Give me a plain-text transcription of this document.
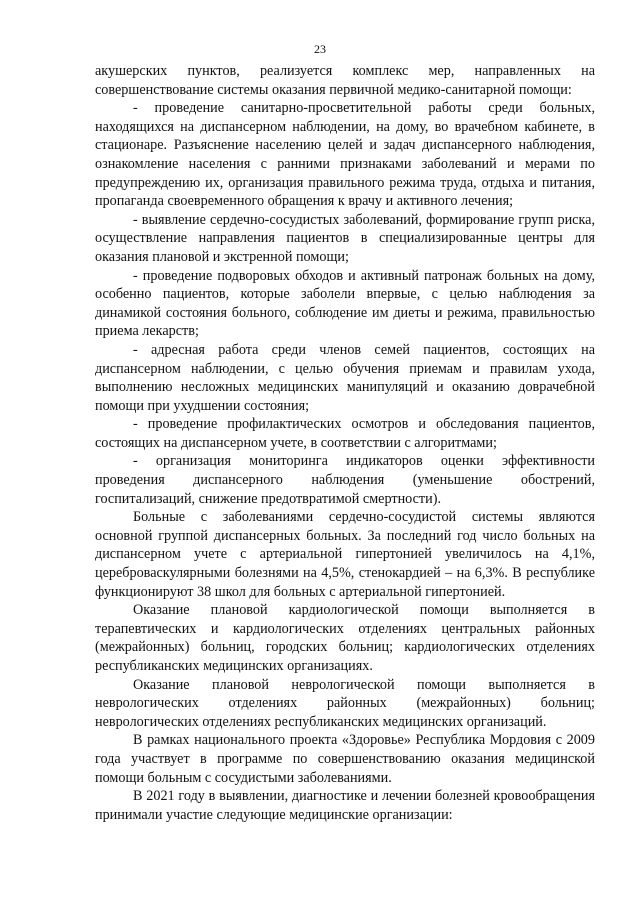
23

акушерских пунктов, реализуется комплекс мер, направленных на совершенствование системы оказания первичной медико-санитарной помощи:

- проведение санитарно-просветительной работы среди больных, находящихся на диспансерном наблюдении, на дому, во врачебном кабинете, в стационаре. Разъяснение населению целей и задач диспансерного наблюдения, ознакомление населения с ранними признаками заболеваний и мерами по предупреждению их, организация правильного режима труда, отдыха и питания, пропаганда своевременного обращения к врачу и активного лечения;

- выявление сердечно-сосудистых заболеваний, формирование групп риска, осуществление направления пациентов в специализированные центры для оказания плановой и экстренной помощи;

- проведение подворовых обходов и активный патронаж больных на дому, особенно пациентов, которые заболели впервые, с целью наблюдения за динамикой состояния больного, соблюдение им диеты и режима, правильностью приема лекарств;

- адресная работа среди членов семей пациентов, состоящих на диспансерном наблюдении, с целью обучения приемам и правилам ухода, выполнению несложных медицинских манипуляций и оказанию доврачебной помощи при ухудшении состояния;

- проведение профилактических осмотров и обследования пациентов, состоящих на диспансерном учете, в соответствии с алгоритмами;

- организация мониторинга индикаторов оценки эффективности проведения диспансерного наблюдения (уменьшение обострений, госпитализаций, снижение предотвратимой смертности).

Больные с заболеваниями сердечно-сосудистой системы являются основной группой диспансерных больных. За последний год число больных на диспансерном учете с артериальной гипертонией увеличилось на 4,1%, цереброваскулярными болезнями на 4,5%, стенокардией – на 6,3%. В республике функционируют 38 школ для больных с артериальной гипертонией.

Оказание плановой кардиологической помощи выполняется в терапевтических и кардиологических отделениях центральных районных (межрайонных) больниц, городских больниц; кардиологических отделениях республиканских медицинских организациях.

Оказание плановой неврологической помощи выполняется в неврологических отделениях районных (межрайонных) больниц; неврологических отделениях республиканских медицинских организаций.

В рамках национального проекта «Здоровье» Республика Мордовия с 2009 года участвует в программе по совершенствованию оказания медицинской помощи больным с сосудистыми заболеваниями.

В 2021 году в выявлении, диагностике и лечении болезней кровообращения принимали участие следующие медицинские организации:
